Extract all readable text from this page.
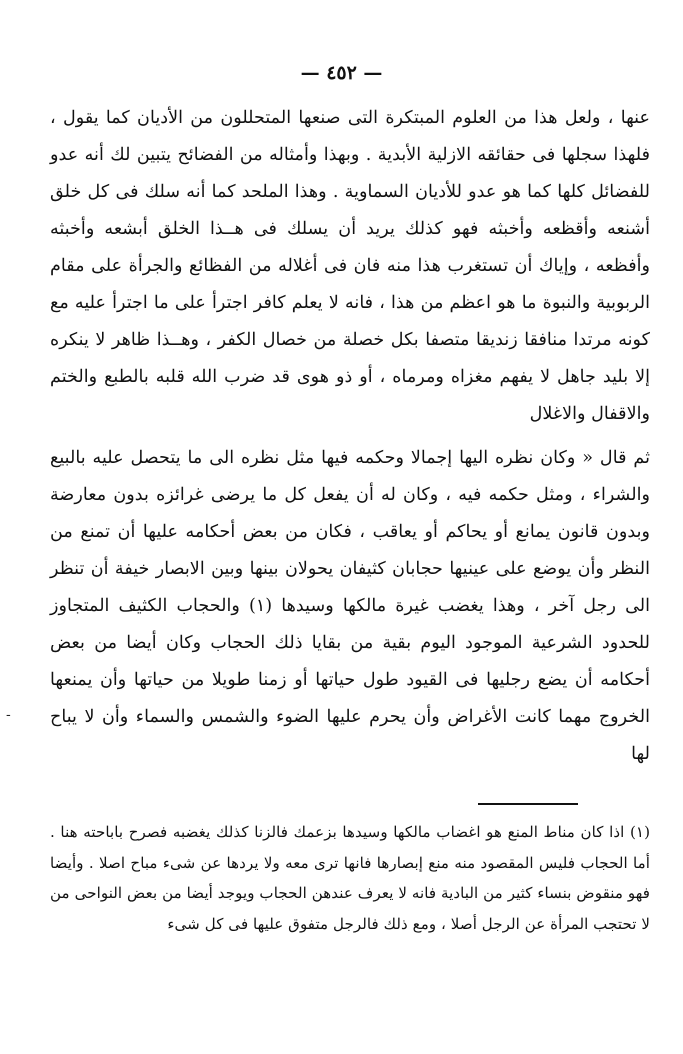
— ٤٥٢ —

عنها ، ولعل هذا من العلوم المبتكرة التى صنعها المتحللون من الأديان كما يقول ، فلهذا سجلها فى حقائقه الازلية الأبدية . وبهذا وأمثاله من الفضائح يتبين لك أنه عدو للفضائل كلها كما هو عدو للأديان السماوية . وهذا الملحد كما أنه سلك فى كل خلق أشنعه وأقظعه وأخبثه فهو كذلك يريد أن يسلك فى هــذا الخلق أبشعه وأخبثه وأفظعه ، وإياك أن تستغرب هذا منه فان فى أغلاله من الفظائع والجرأة على مقام الربوبية والنبوة ما هو اعظم من هذا ، فانه لا يعلم كافر اجترأ على ما اجترأ عليه مع كونه مرتدا منافقا زنديقا متصفا بكل خصلة من خصال الكفر ، وهــذا ظاهر لا ينكره إلا بليد جاهل لا يفهم مغزاه ومرماه ، أو ذو هوى قد ضرب الله قلبه بالطبع والختم والاقفال والاغلال

ثم قال « وكان نظره اليها إجمالا وحكمه فيها مثل نظره الى ما يتحصل عليه بالبيع والشراء ، ومثل حكمه فيه ، وكان له أن يفعل كل ما يرضى غرائزه بدون معارضة وبدون قانون يمانع أو يحاكم أو يعاقب ، فكان من بعض أحكامه عليها أن تمنع من النظر وأن يوضع على عينيها حجابان كثيفان يحولان بينها وبين الابصار خيفة أن تنظر الى رجل آخر ، وهذا يغضب غيرة مالكها وسيدها (١) والحجاب الكثيف المتجاوز للحدود الشرعية الموجود اليوم بقية من بقايا ذلك الحجاب وكان أيضا من بعض أحكامه أن يضع رجليها فى القيود طول حياتها أو زمنا طويلا من حياتها وأن يمنعها الخروج مهما كانت الأغراض وأن يحرم عليها الضوء والشمس والسماء وأن لا يباح لها

(١) اذا كان مناط المنع هو اغضاب مالكها وسيدها بزعمك فالزنا كذلك يغضبه فصرح باباحته هنا . أما الحجاب فليس المقصود منه منع إبصارها فانها ترى معه ولا يردها عن شىء مباح اصلا . وأيضا فهو منقوض بنساء كثير من البادية فانه لا يعرف عندهن الحجاب ويوجد أيضا من بعض النواحى من لا تحتجب المرأة عن الرجل أصلا ، ومع ذلك فالرجل متفوق عليها فى كل شىء

-
